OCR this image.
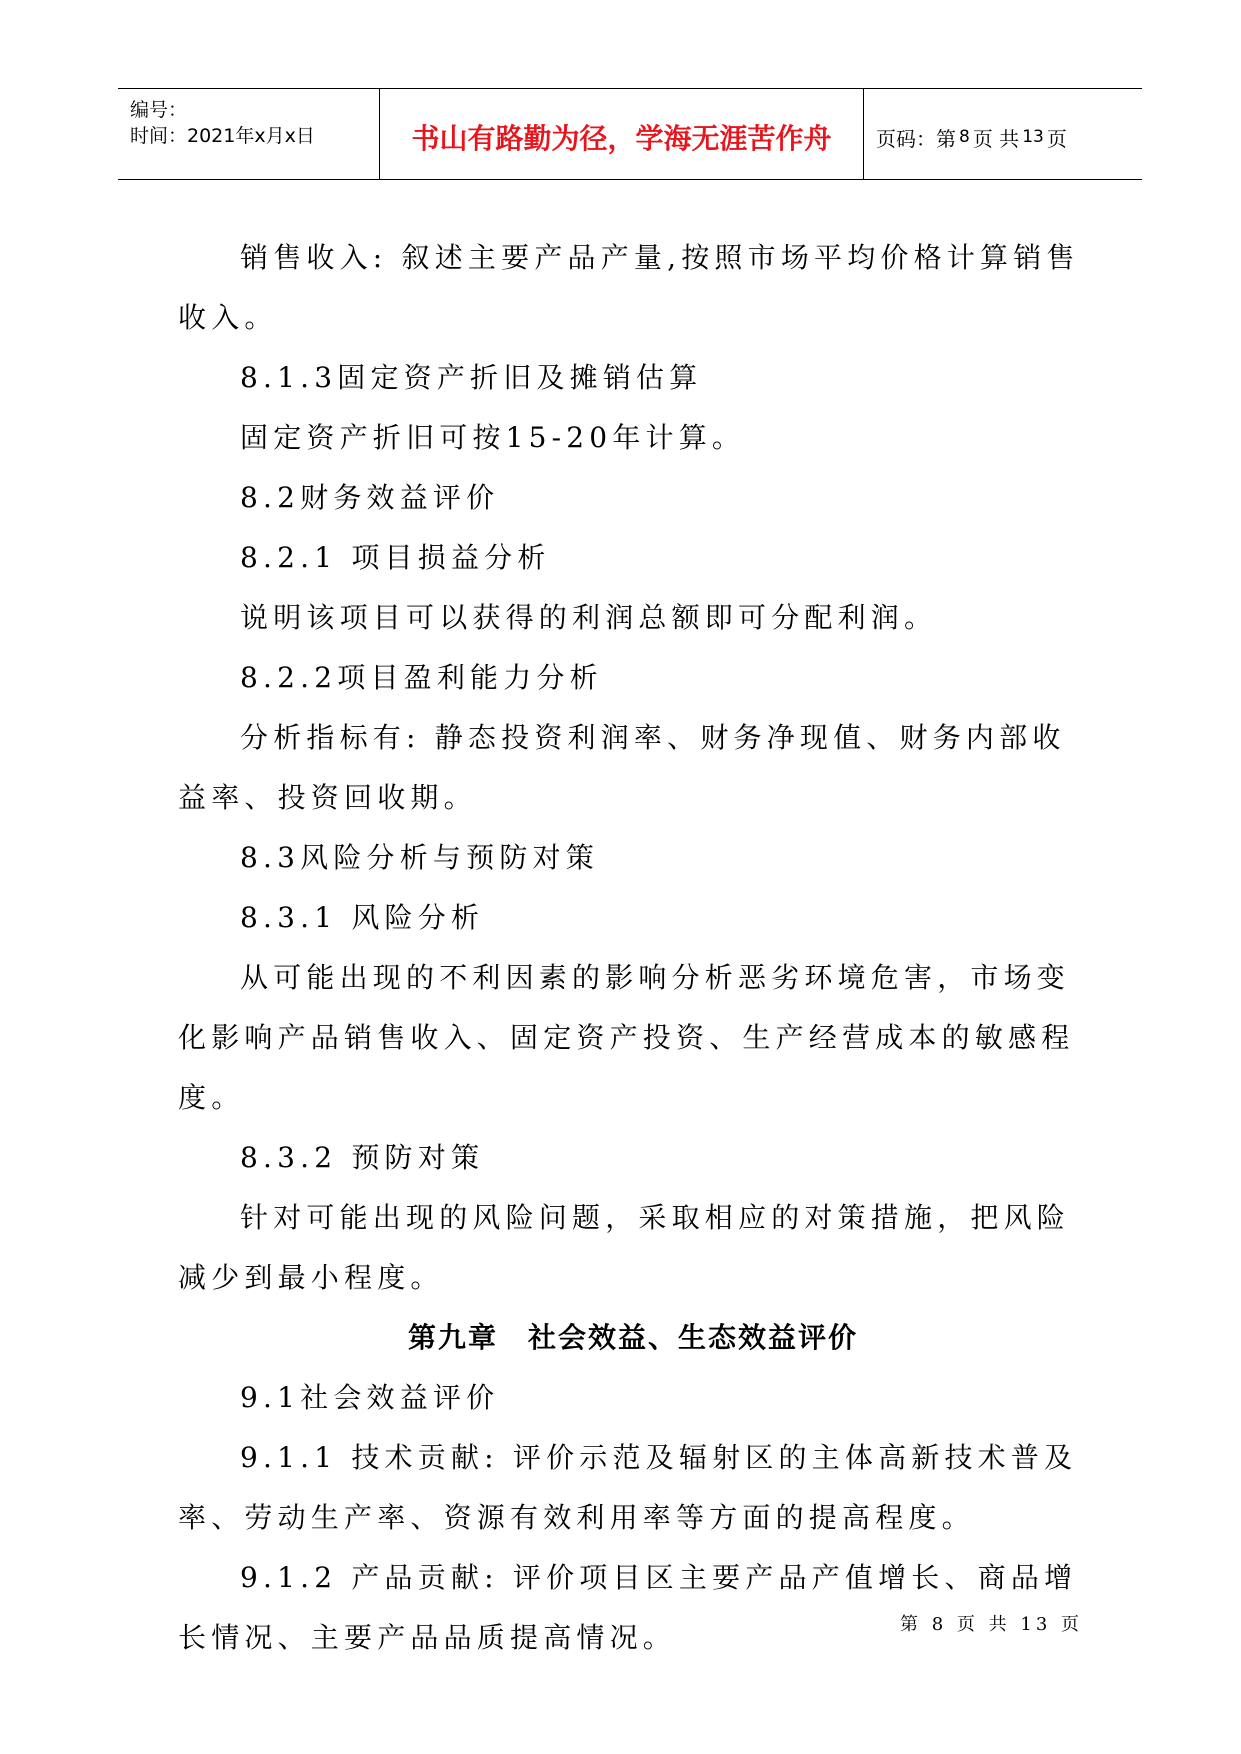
编号：
时间：2021年x月x日	书山有路勤为径，学海无涯苦作舟 页码：第 8 页 共 13 页

销售收入: 叙述主要产品产量,按照市场平均价格计算销售收入。

8.1.3固定资产折旧及摊销估算

固定资产折旧可按15-20年计算。

8.2财务效益评价

8.2.1 项目损益分析

说明该项目可以获得的利润总额即可分配利润。

8.2.2项目盈利能力分析

分析指标有: 静态投资利润率、财务净现值、财务内部收益率、投资回收期。

8.3风险分析与预防对策

8.3.1 风险分析

从可能出现的不利因素的影响分析恶劣环境危害，市场变化影响产品销售收入、固定资产投资、生产经营成本的敏感程度。

8.3.2 预防对策

针对可能出现的风险问题，采取相应的对策措施，把风险减少到最小程度。

第九章　社会效益、生态效益评价

9.1社会效益评价

9.1.1 技术贡献: 评价示范及辐射区的主体高新技术普及率、劳动生产率、资源有效利用率等方面的提高程度。

9.1.2 产品贡献: 评价项目区主要产品产值增长、商品增长情况、主要产品品质提高情况。	第 8 页 共 13 页
